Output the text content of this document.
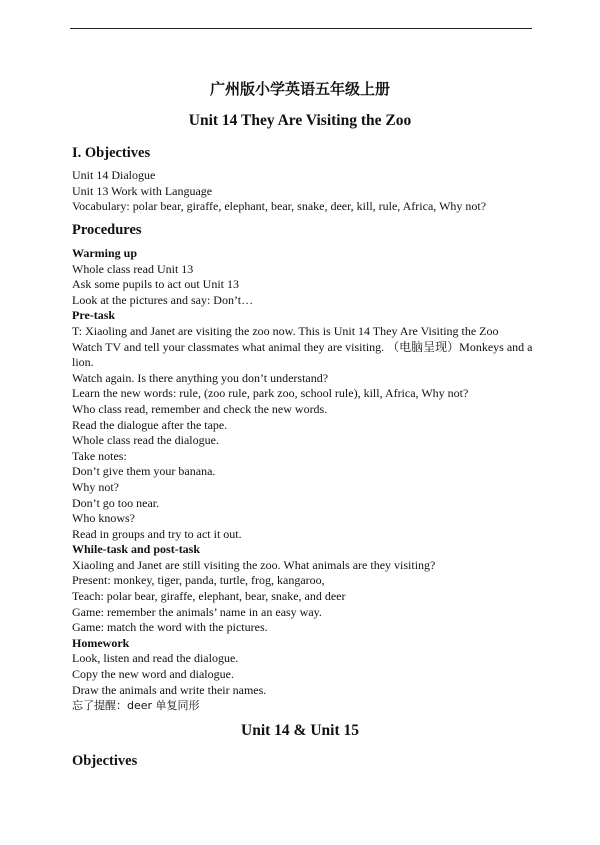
广州版小学英语五年级上册
Unit 14 They Are Visiting the Zoo
I. Objectives
Unit 14 Dialogue
Unit 13 Work with Language
Vocabulary: polar bear, giraffe, elephant, bear, snake, deer, kill, rule, Africa, Why not?
Procedures
Warming up
Whole class read Unit 13
Ask some pupils to act out Unit 13
Look at the pictures and say: Don’t…
Pre-task
T: Xiaoling and Janet are visiting the zoo now. This is Unit 14 They Are Visiting the Zoo
Watch TV and tell your classmates what animal they are visiting. （电脑呈现）Monkeys and a lion.
Watch again. Is there anything you don’t understand?
Learn the new words: rule, (zoo rule, park zoo, school rule), kill, Africa, Why not?
Who class read, remember and check the new words.
Read the dialogue after the tape.
Whole class read the dialogue.
Take notes:
Don’t give them your banana.
Why not?
Don’t go too near.
Who knows?
Read in groups and try to act it out.
While-task and post-task
Xiaoling and Janet are still visiting the zoo. What animals are they visiting?
Present: monkey, tiger, panda, turtle, frog, kangaroo,
Teach: polar bear, giraffe, elephant, bear, snake, and deer
Game: remember the animals’ name in an easy way.
Game: match the word with the pictures.
Homework
Look, listen and read the dialogue.
Copy the new word and dialogue.
Draw the animals and write their names.
忘了提醒：deer 单复同形
Unit 14 & Unit 15
Objectives
